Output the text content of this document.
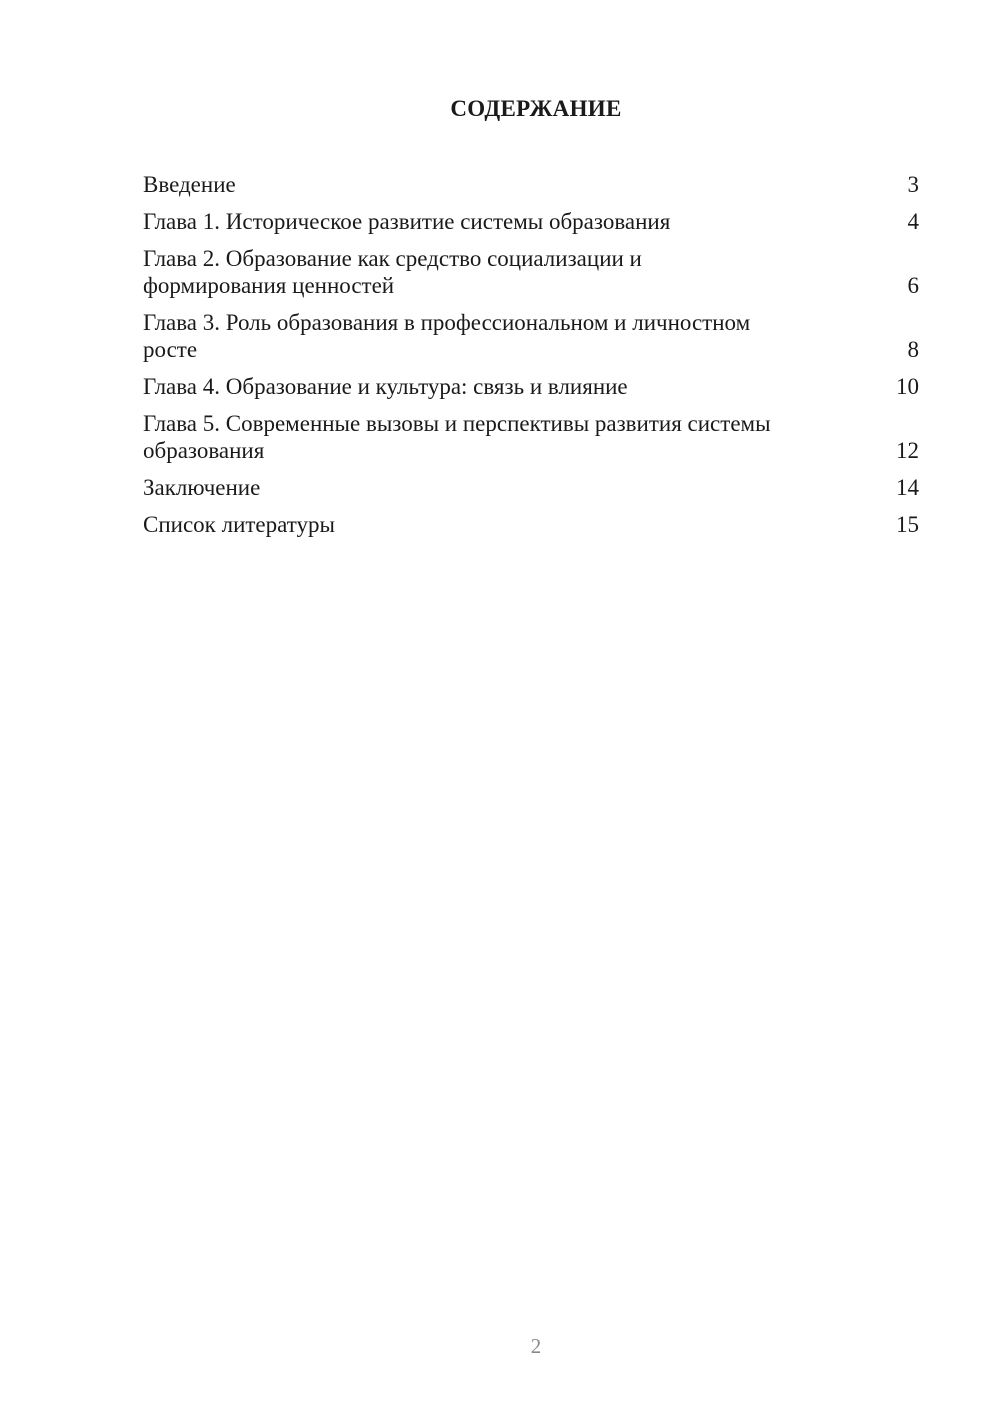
СОДЕРЖАНИЕ
Введение	3
Глава 1. Историческое развитие системы образования	4
Глава 2. Образование как средство социализации и
формирования ценностей	6
Глава 3. Роль образования в профессиональном и личностном
росте	8
Глава 4. Образование и культура: связь и влияние	10
Глава 5. Современные вызовы и перспективы развития системы
образования	12
Заключение	14
Список литературы	15
2
